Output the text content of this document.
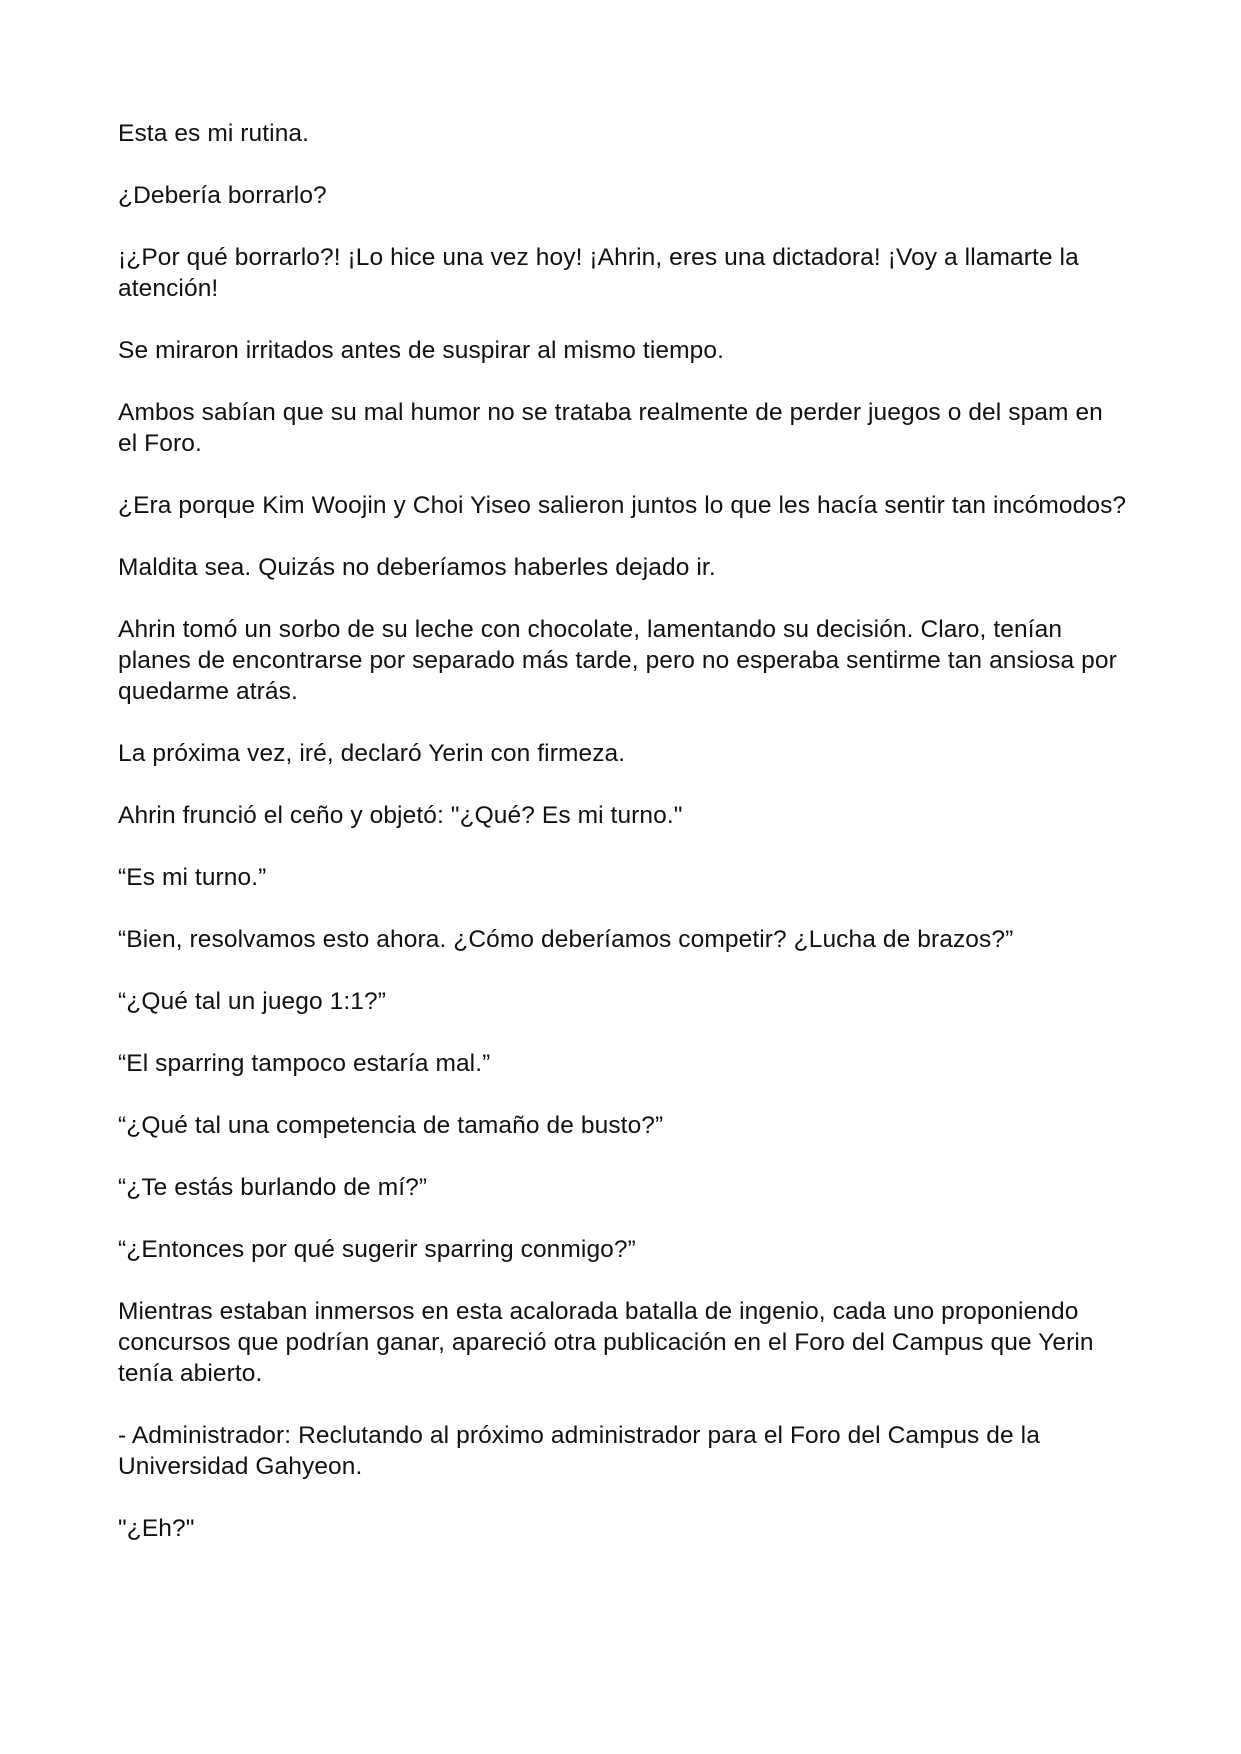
Esta es mi rutina.

¿Debería borrarlo?

¡¿Por qué borrarlo?! ¡Lo hice una vez hoy! ¡Ahrin, eres una dictadora! ¡Voy a llamarte la atención!

Se miraron irritados antes de suspirar al mismo tiempo.

Ambos sabían que su mal humor no se trataba realmente de perder juegos o del spam en el Foro.

¿Era porque Kim Woojin y Choi Yiseo salieron juntos lo que les hacía sentir tan incómodos?

Maldita sea. Quizás no deberíamos haberles dejado ir.

Ahrin tomó un sorbo de su leche con chocolate, lamentando su decisión. Claro, tenían planes de encontrarse por separado más tarde, pero no esperaba sentirme tan ansiosa por quedarme atrás.

La próxima vez, iré, declaró Yerin con firmeza.

Ahrin frunció el ceño y objetó: "¿Qué? Es mi turno."

“Es mi turno.”

“Bien, resolvamos esto ahora. ¿Cómo deberíamos competir? ¿Lucha de brazos?”

“¿Qué tal un juego 1:1?”

“El sparring tampoco estaría mal.”

“¿Qué tal una competencia de tamaño de busto?”

“¿Te estás burlando de mí?”

“¿Entonces por qué sugerir sparring conmigo?”

Mientras estaban inmersos en esta acalorada batalla de ingenio, cada uno proponiendo concursos que podrían ganar, apareció otra publicación en el Foro del Campus que Yerin tenía abierto.

- Administrador: Reclutando al próximo administrador para el Foro del Campus de la Universidad Gahyeon.

"¿Eh?"
